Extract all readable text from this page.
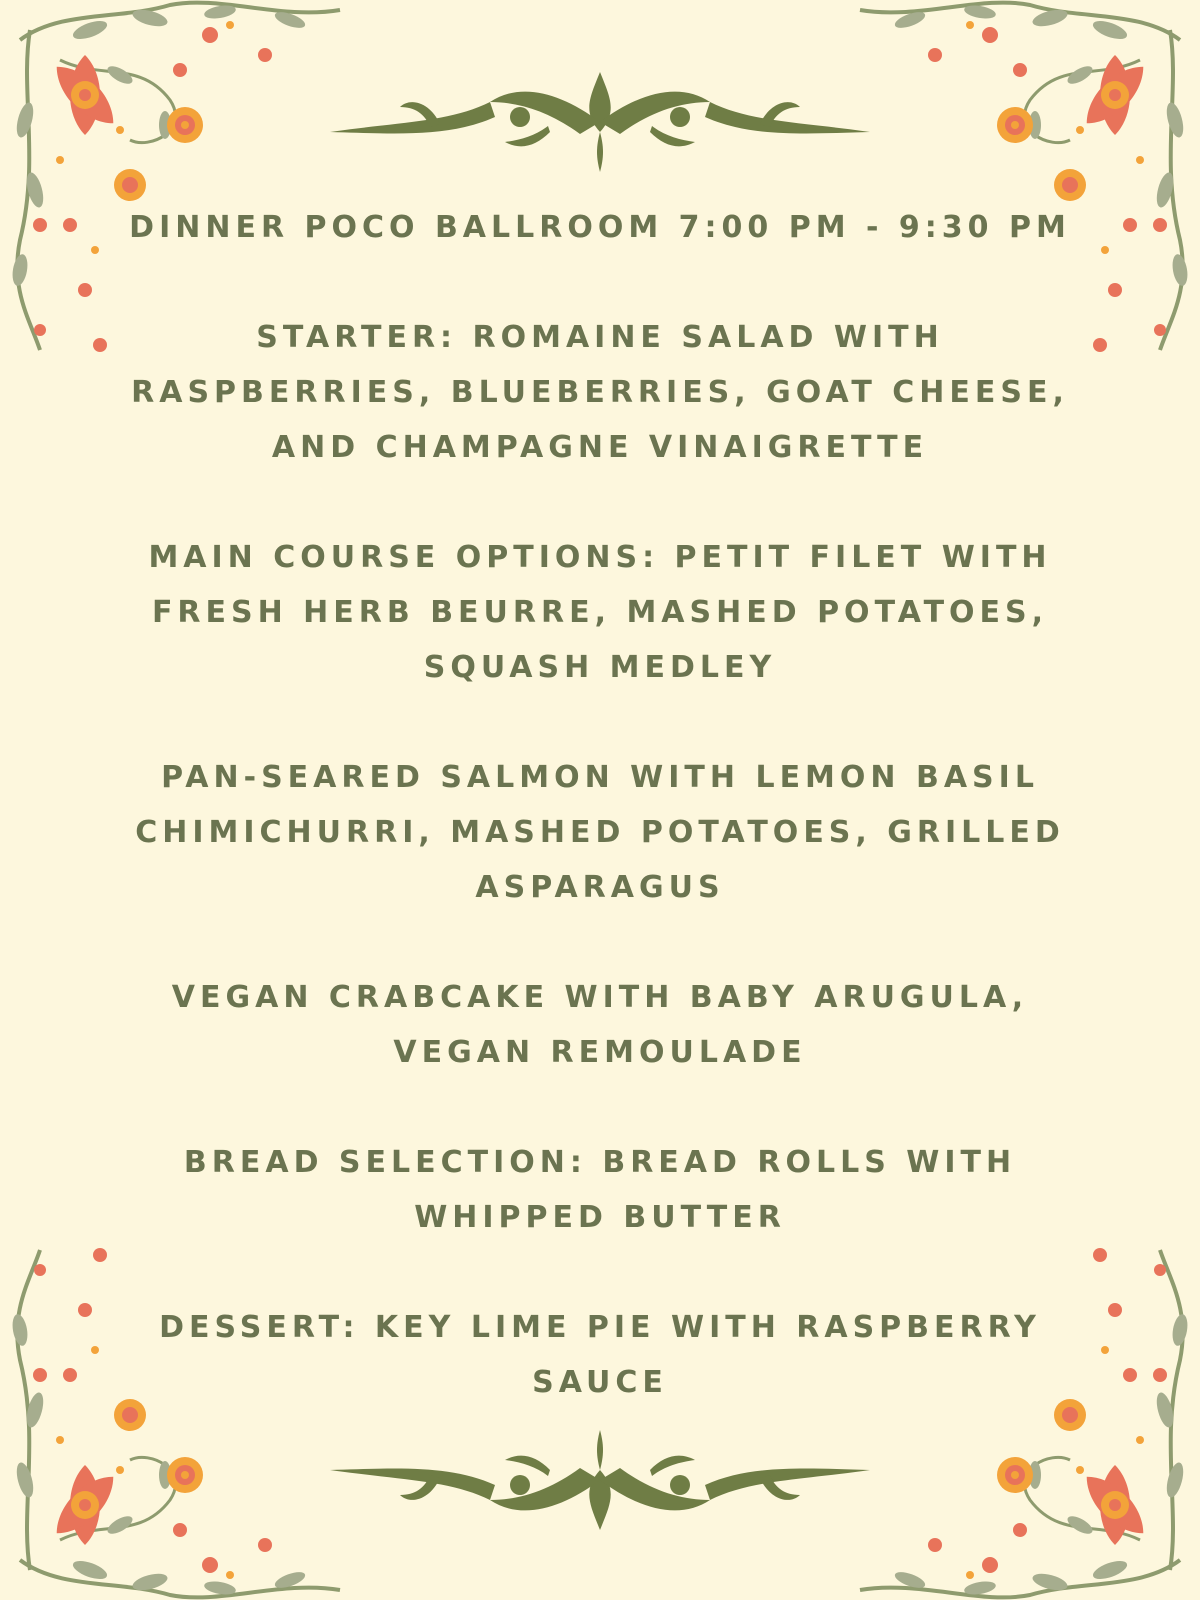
DINNER POCO BALLROOM 7:00 PM - 9:30 PM

STARTER: ROMAINE SALAD WITH

RASPBERRIES, BLUEBERRIES, GOAT CHEESE,

AND CHAMPAGNE VINAIGRETTE

MAIN COURSE OPTIONS: PETIT FILET WITH

FRESH HERB BEURRE, MASHED POTATOES,

SQUASH MEDLEY

PAN-SEARED SALMON WITH LEMON BASIL

CHIMICHURRI, MASHED POTATOES, GRILLED

ASPARAGUS

VEGAN CRABCAKE WITH BABY ARUGULA,

VEGAN REMOULADE

BREAD SELECTION: BREAD ROLLS WITH

WHIPPED BUTTER

DESSERT: KEY LIME PIE WITH RASPBERRY

SAUCE
